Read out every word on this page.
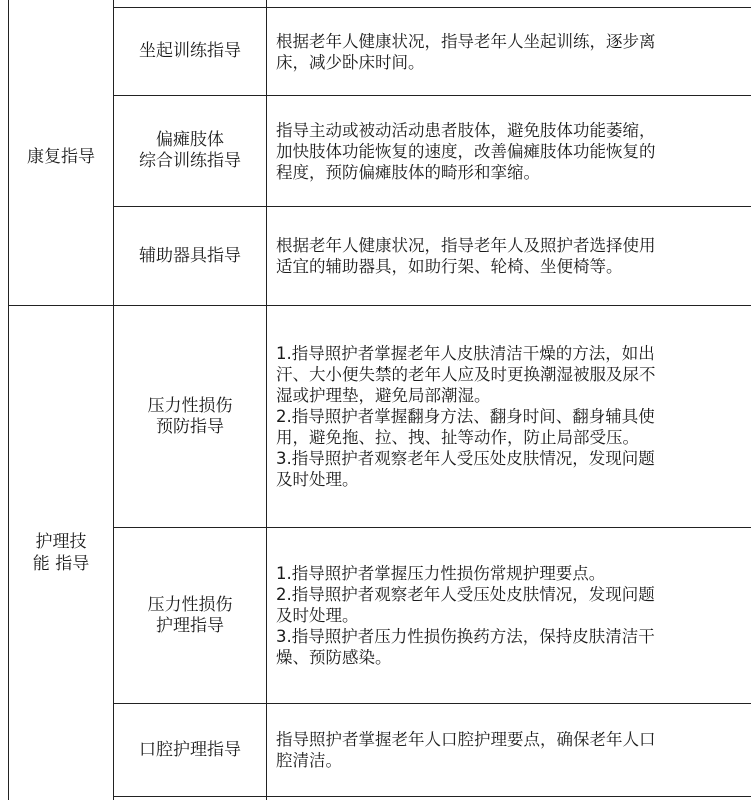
康复指导
护理技
能 指导
坐起训练指导 根据老年人健康状况，指导老年人坐起训练，逐步离
床，减少卧床时间。
偏瘫肢体
综合训练指导
指导主动或被动活动患者肢体，避免肢体功能萎缩，
加快肢体功能恢复的速度，改善偏瘫肢体功能恢复的
程度，预防偏瘫肢体的畸形和挛缩。
辅助器具指导 根据老年人健康状况，指导老年人及照护者选择使用
适宜的辅助器具，如助行架、轮椅、坐便椅等。
压力性损伤
预防指导
1.指导照护者掌握老年人皮肤清洁干燥的方法，如出
汗、大小便失禁的老年人应及时更换潮湿被服及尿不
湿或护理垫，避免局部潮湿。
2.指导照护者掌握翻身方法、翻身时间、翻身辅具使
用，避免拖、拉、拽、扯等动作，防止局部受压。
3.指导照护者观察老年人受压处皮肤情况，发现问题
及时处理。
压力性损伤
护理指导
1.指导照护者掌握压力性损伤常规护理要点。
2.指导照护者观察老年人受压处皮肤情况，发现问题
及时处理。
3.指导照护者压力性损伤换药方法，保持皮肤清洁干
燥、预防感染。
口腔护理指导 指导照护者掌握老年人口腔护理要点，确保老年人口
腔清洁。
